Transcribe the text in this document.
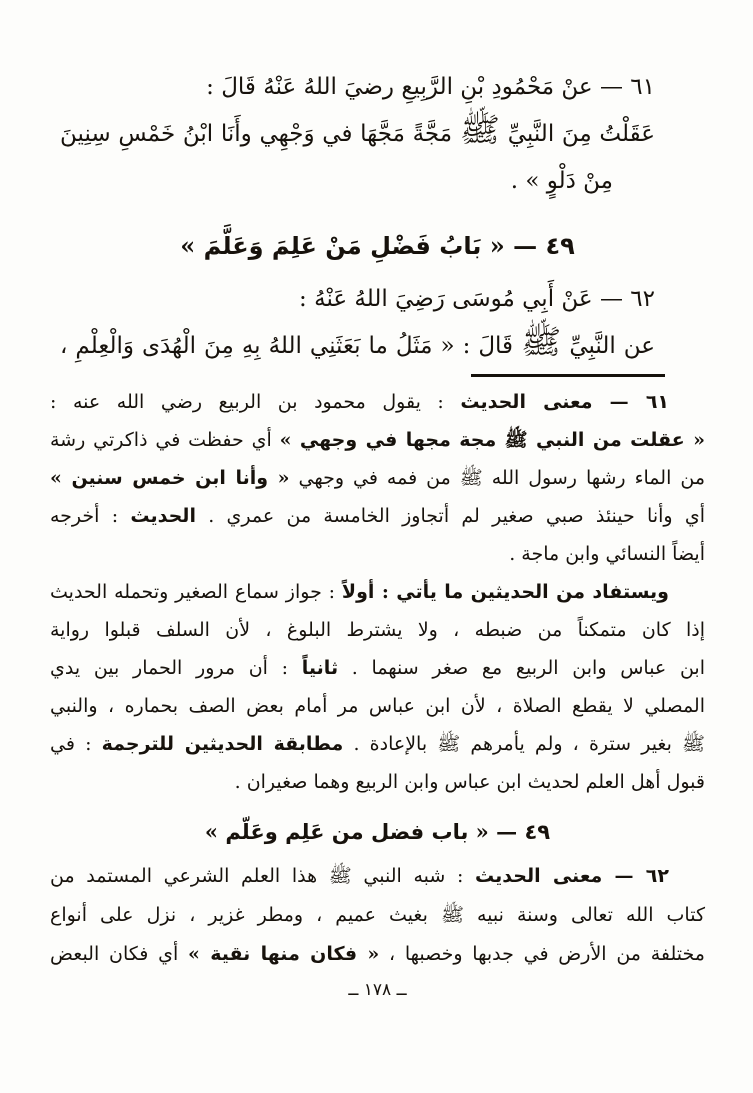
٦١ — عنْ مَحْمُودِ بْنِ الرَّبِيعِ رضيَ اللهُ عَنْهُ قَالَ :

عَقَلْتُ مِنَ النَّبِيِّ ﷺ مَجَّةً مَجَّهَا في وَجْهِي وأَنَا ابْنُ خَمْسِ سِنِينَ

مِنْ دَلْوٍ » .

٤٩ — « بَابُ فَضْلِ مَنْ عَلِمَ وَعَلَّمَ »

٦٢ — عَنْ أَبِي مُوسَى رَضِيَ اللهُ عَنْهُ :

عن النَّبِيِّ ﷺ قَالَ : « مَثَلُ ما بَعَثَنِي اللهُ بِهِ مِنَ الْهُدَى وَالْعِلْمِ ،

٦١ — معنى الحديث : يقول محمود بن الربيع رضي الله عنه :

« عقلت من النبي ﷺ مجة مجها في وجهي » أي حفظت في ذاكرتي رشة

من الماء رشها رسول الله ﷺ من فمه في وجهي « وأنا ابن خمس سنين »

أي وأنا حينئذ صبي صغير لم أتجاوز الخامسة من عمري . الحديث : أخرجه

أيضاً النسائي وابن ماجة .

ويستفاد من الحديثين ما يأتي : أولاً : جواز سماع الصغير وتحمله الحديث

إذا كان متمكناً من ضبطه ، ولا يشترط البلوغ ، لأن السلف قبلوا رواية

ابن عباس وابن الربيع مع صغر سنهما . ثانياً : أن مرور الحمار بين يدي

المصلي لا يقطع الصلاة ، لأن ابن عباس مر أمام بعض الصف بحماره ، والنبي

ﷺ بغير سترة ، ولم يأمرهم ﷺ بالإعادة . مطابقة الحديثين للترجمة : في

قبول أهل العلم لحديث ابن عباس وابن الربيع وهما صغيران .

٤٩ — « باب فضل من عَلِم وعَلّم »

٦٢ — معنى الحديث : شبه النبي ﷺ هذا العلم الشرعي المستمد من

كتاب الله تعالى وسنة نبيه ﷺ بغيث عميم ، ومطر غزير ، نزل على أنواع

مختلفة من الأرض في جدبها وخصبها ، « فكان منها نقية » أي فكان البعض

ــ ١٧٨ ــ
